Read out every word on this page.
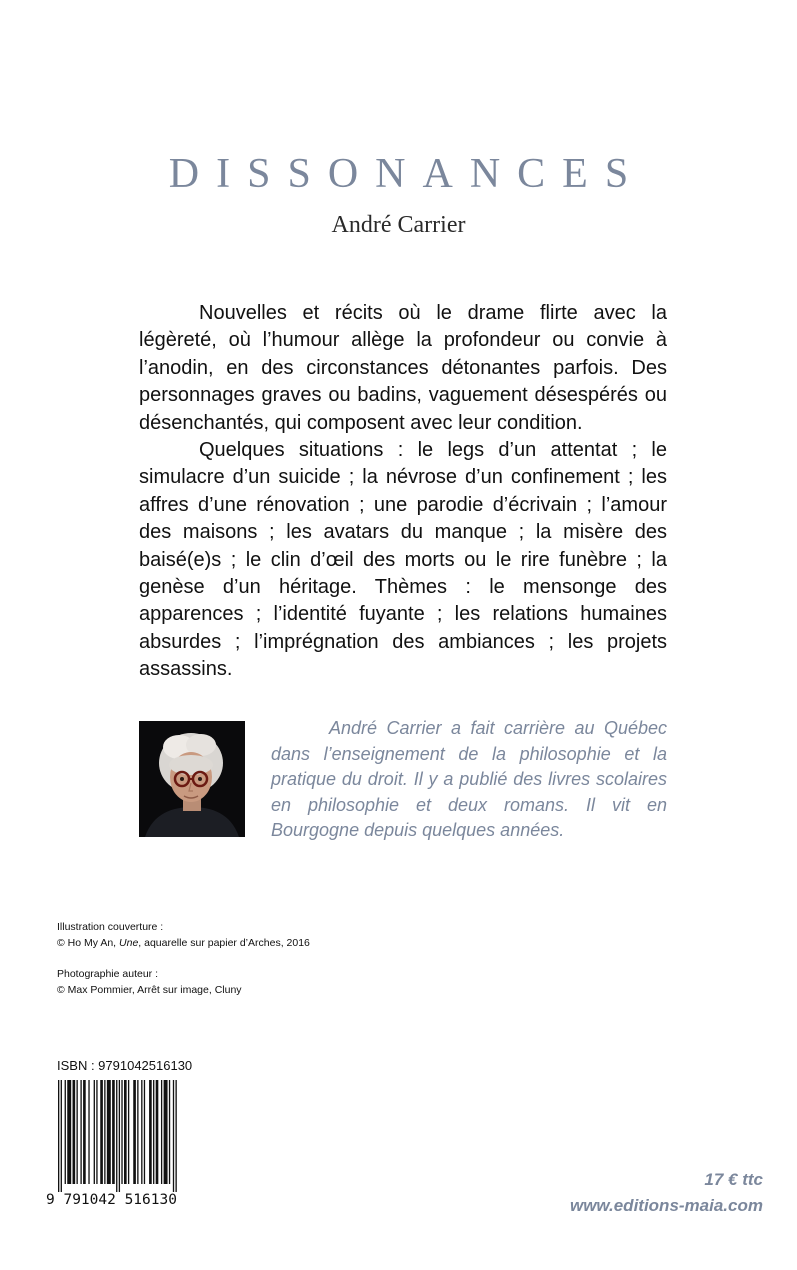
DISSONANCES
André Carrier

Nouvelles et récits où le drame flirte avec la légèreté, où l’humour allège la profondeur ou convie à l’anodin, en des circonstances détonantes parfois. Des personnages graves ou badins, vaguement désespérés ou désenchantés, qui composent avec leur condition.

Quelques situations : le legs d’un attentat ; le simulacre d’un suicide ; la névrose d’un confinement ; les affres d’une rénovation ; une parodie d’écrivain ; l’amour des maisons ; les avatars du manque ; la misère des baisé(e)s ; le clin d’œil des morts ou le rire funèbre ; la genèse d’un héritage. Thèmes : le mensonge des apparences ; l’identité fuyante ; les relations humaines absurdes ; l’imprégnation des ambiances ; les projets assassins.

André Carrier a fait carrière au Québec dans l’enseignement de la philosophie et la pratique du droit. Il y a publié des livres scolaires en philosophie et deux romans. Il vit en Bourgogne depuis quelques années.

Illustration couverture :
© Ho My An, Une, aquarelle sur papier d’Arches, 2016
Photographie auteur :
© Max Pommier, Arrêt sur image, Cluny
ISBN : 9791042516130
9 791042 516130
17 € ttc
www.editions-maia.com
